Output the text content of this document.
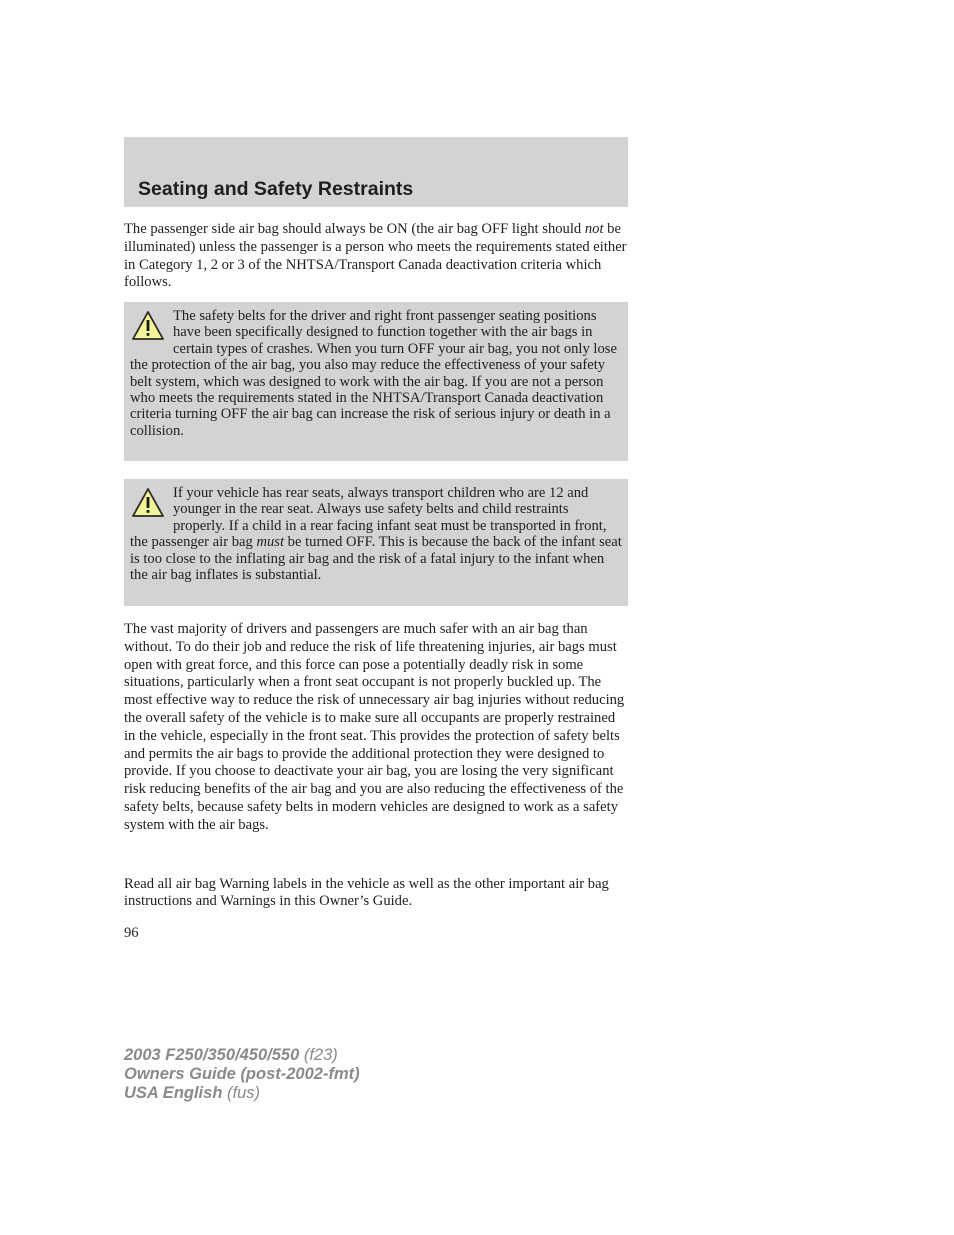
Seating and Safety Restraints

The passenger side air bag should always be ON (the air bag OFF light should not be illuminated) unless the passenger is a person who meets the requirements stated either in Category 1, 2 or 3 of the NHTSA/Transport Canada deactivation criteria which follows.

The safety belts for the driver and right front passenger seating positions have been specifically designed to function together with the air bags in certain types of crashes. When you turn OFF your air bag, you not only lose the protection of the air bag, you also may reduce the effectiveness of your safety belt system, which was designed to work with the air bag. If you are not a person who meets the requirements stated in the NHTSA/Transport Canada deactivation criteria turning OFF the air bag can increase the risk of serious injury or death in a collision.

If your vehicle has rear seats, always transport children who are 12 and younger in the rear seat. Always use safety belts and child restraints properly. If a child in a rear facing infant seat must be transported in front, the passenger air bag must be turned OFF. This is because the back of the infant seat is too close to the inflating air bag and the risk of a fatal injury to the infant when the air bag inflates is substantial.

The vast majority of drivers and passengers are much safer with an air bag than without. To do their job and reduce the risk of life threatening injuries, air bags must open with great force, and this force can pose a potentially deadly risk in some situations, particularly when a front seat occupant is not properly buckled up. The most effective way to reduce the risk of unnecessary air bag injuries without reducing the overall safety of the vehicle is to make sure all occupants are properly restrained in the vehicle, especially in the front seat. This provides the protection of safety belts and permits the air bags to provide the additional protection they were designed to provide. If you choose to deactivate your air bag, you are losing the very significant risk reducing benefits of the air bag and you are also reducing the effectiveness of the safety belts, because safety belts in modern vehicles are designed to work as a safety system with the air bags.

Read all air bag Warning labels in the vehicle as well as the other important air bag instructions and Warnings in this Owner’s Guide.

96

2003 F250/350/450/550 (f23)
Owners Guide (post-2002-fmt)
USA English (fus)
